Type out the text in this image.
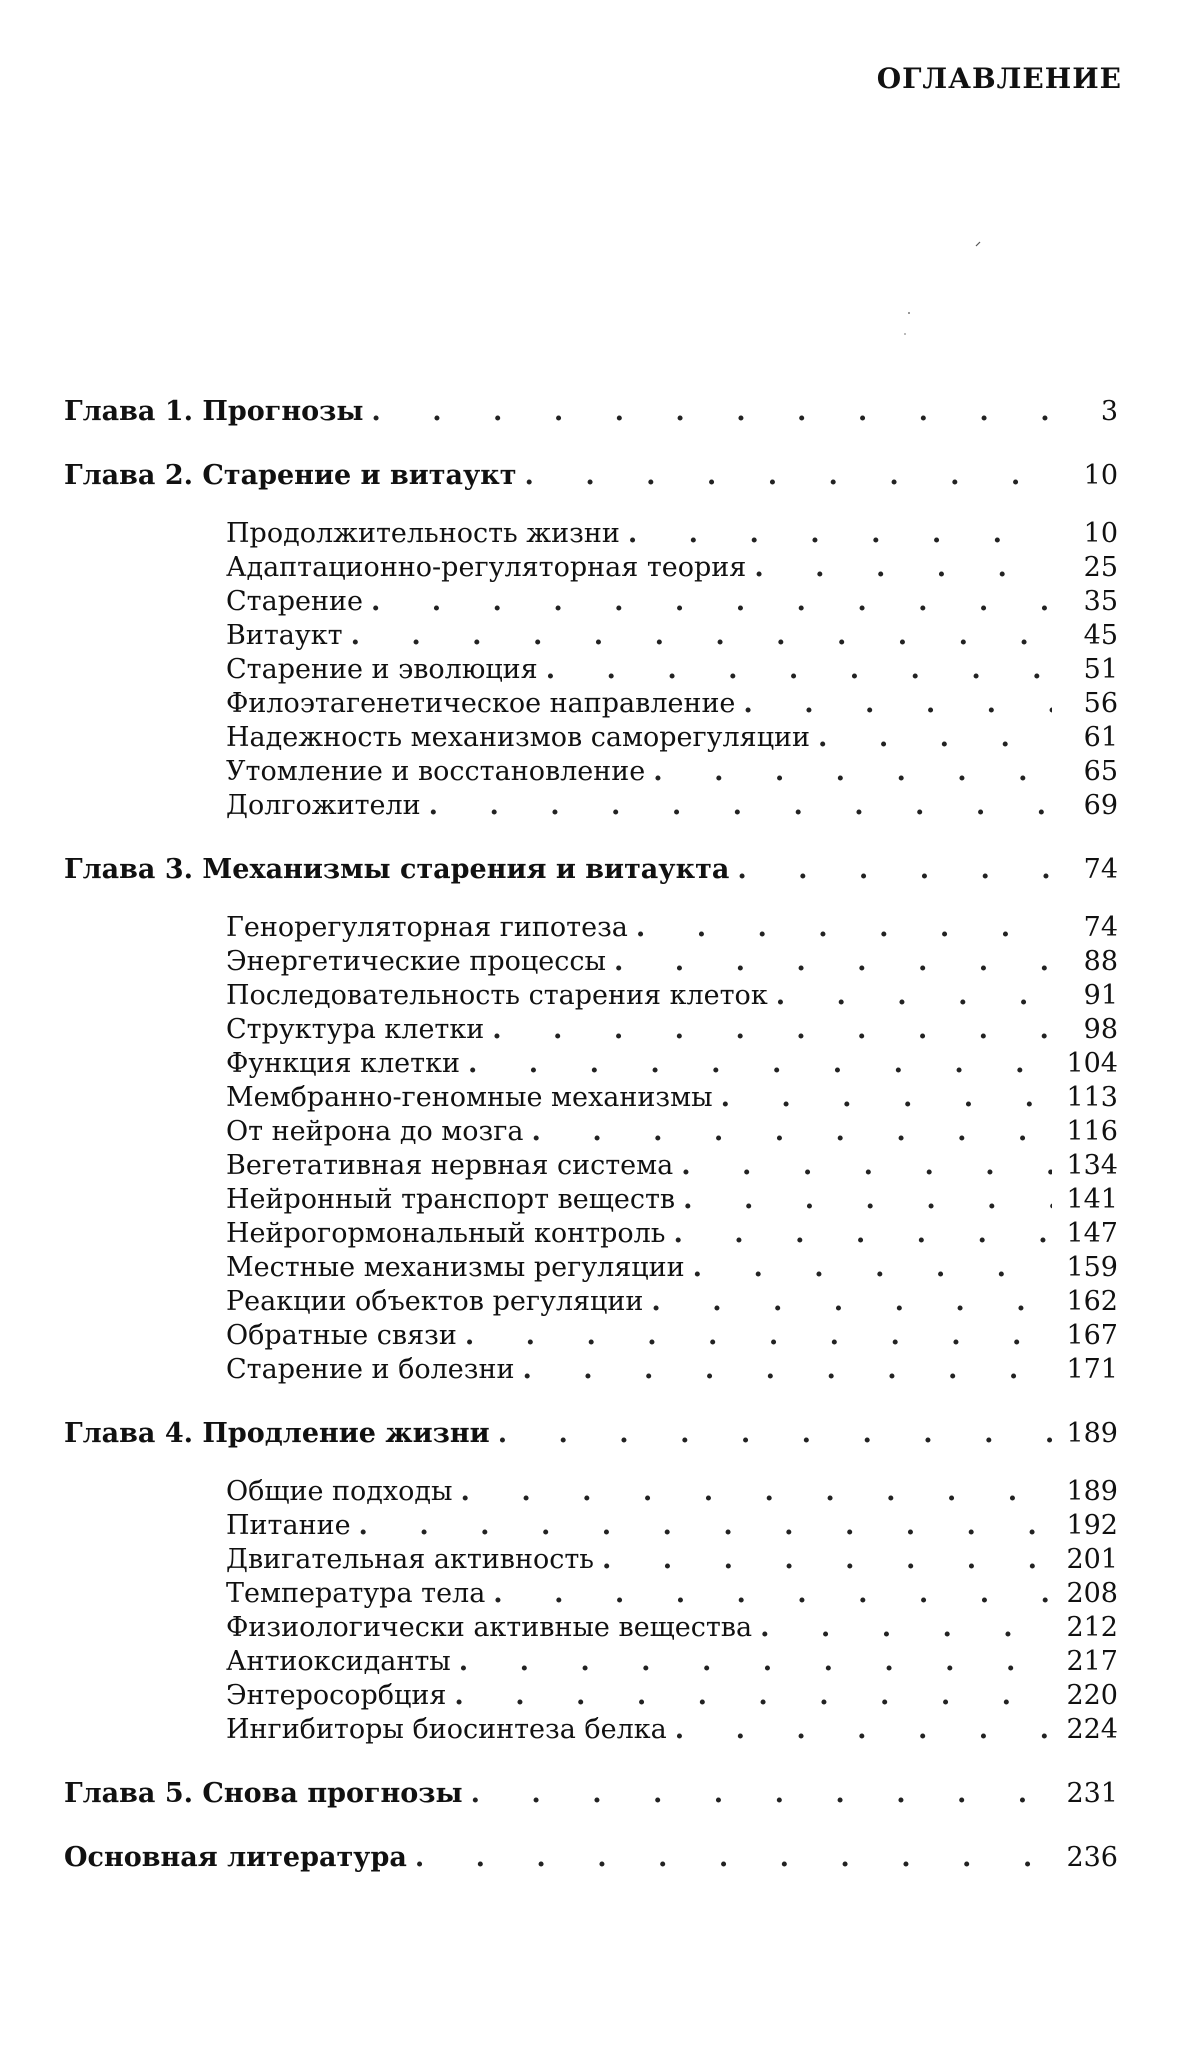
ОГЛАВЛЕНИЕ
Глава 1. Прогнозы . . .	3
Глава 2. Старение и витаукт . . .	10
Продолжительность жизни . . .	10
Адаптационно-регуляторная теория . . .	25
Старение . . .	35
Витаукт . . .	45
Старение и эволюция . . .	51
Филоэтагенетическое направление . . .	56
Надежность механизмов саморегуляции . . .	61
Утомление и восстановление . . .	65
Долгожители . . .	69
Глава 3. Механизмы старения и витаукта . . .	74
Генорегуляторная гипотеза . . .	74
Энергетические процессы . . .	88
Последовательность старения клеток . . .	91
Структура клетки . . .	98
Функция клетки . . .	104
Мембранно-геномные механизмы . . .	113
От нейрона до мозга . . .	116
Вегетативная нервная система . . .	134
Нейронный транспорт веществ . . .	141
Нейрогормональный контроль . . .	147
Местные механизмы регуляции . . .	159
Реакции объектов регуляции . . .	162
Обратные связи . . .	167
Старение и болезни . . .	171
Глава 4. Продление жизни . . .	189
Общие подходы . . .	189
Питание . . .	192
Двигательная активность . . .	201
Температура тела . . .	208
Физиологически активные вещества . . .	212
Антиоксиданты . . .	217
Энтеросорбция . . .	220
Ингибиторы биосинтеза белка . . .	224
Глава 5. Снова прогнозы . . .	231
Основная литература . . .	236
